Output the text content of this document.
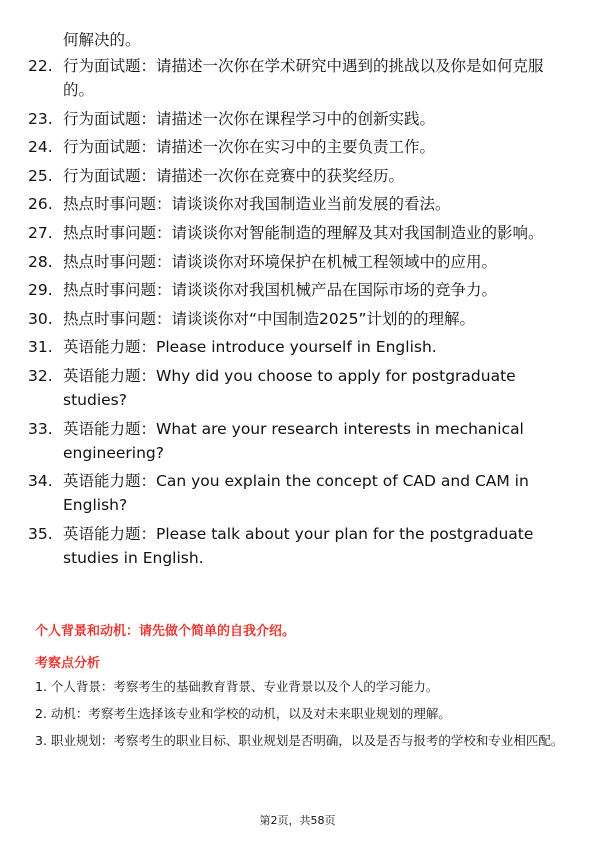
何解决的。
22. 行为面试题：请描述一次你在学术研究中遇到的挑战以及你是如何克服的。
23. 行为面试题：请描述一次你在课程学习中的创新实践。
24. 行为面试题：请描述一次你在实习中的主要负责工作。
25. 行为面试题：请描述一次你在竞赛中的获奖经历。
26. 热点时事问题：请谈谈你对我国制造业当前发展的看法。
27. 热点时事问题：请谈谈你对智能制造的理解及其对我国制造业的影响。
28. 热点时事问题：请谈谈你对环境保护在机械工程领域中的应用。
29. 热点时事问题：请谈谈你对我国机械产品在国际市场的竞争力。
30. 热点时事问题：请谈谈你对“中国制造2025”计划的的理解。
31. 英语能力题：Please introduce yourself in English.
32. 英语能力题：Why did you choose to apply for postgraduate studies?
33. 英语能力题：What are your research interests in mechanical engineering?
34. 英语能力题：Can you explain the concept of CAD and CAM in English?
35. 英语能力题：Please talk about your plan for the postgraduate studies in English.
个人背景和动机：请先做个简单的自我介绍。
考察点分析
1. 个人背景：考察考生的基础教育背景、专业背景以及个人的学习能力。
2. 动机：考察考生选择该专业和学校的动机，以及对未来职业规划的理解。
3. 职业规划：考察考生的职业目标、职业规划是否明确，以及是否与报考的学校和专业相匹配。
第2页，共58页
